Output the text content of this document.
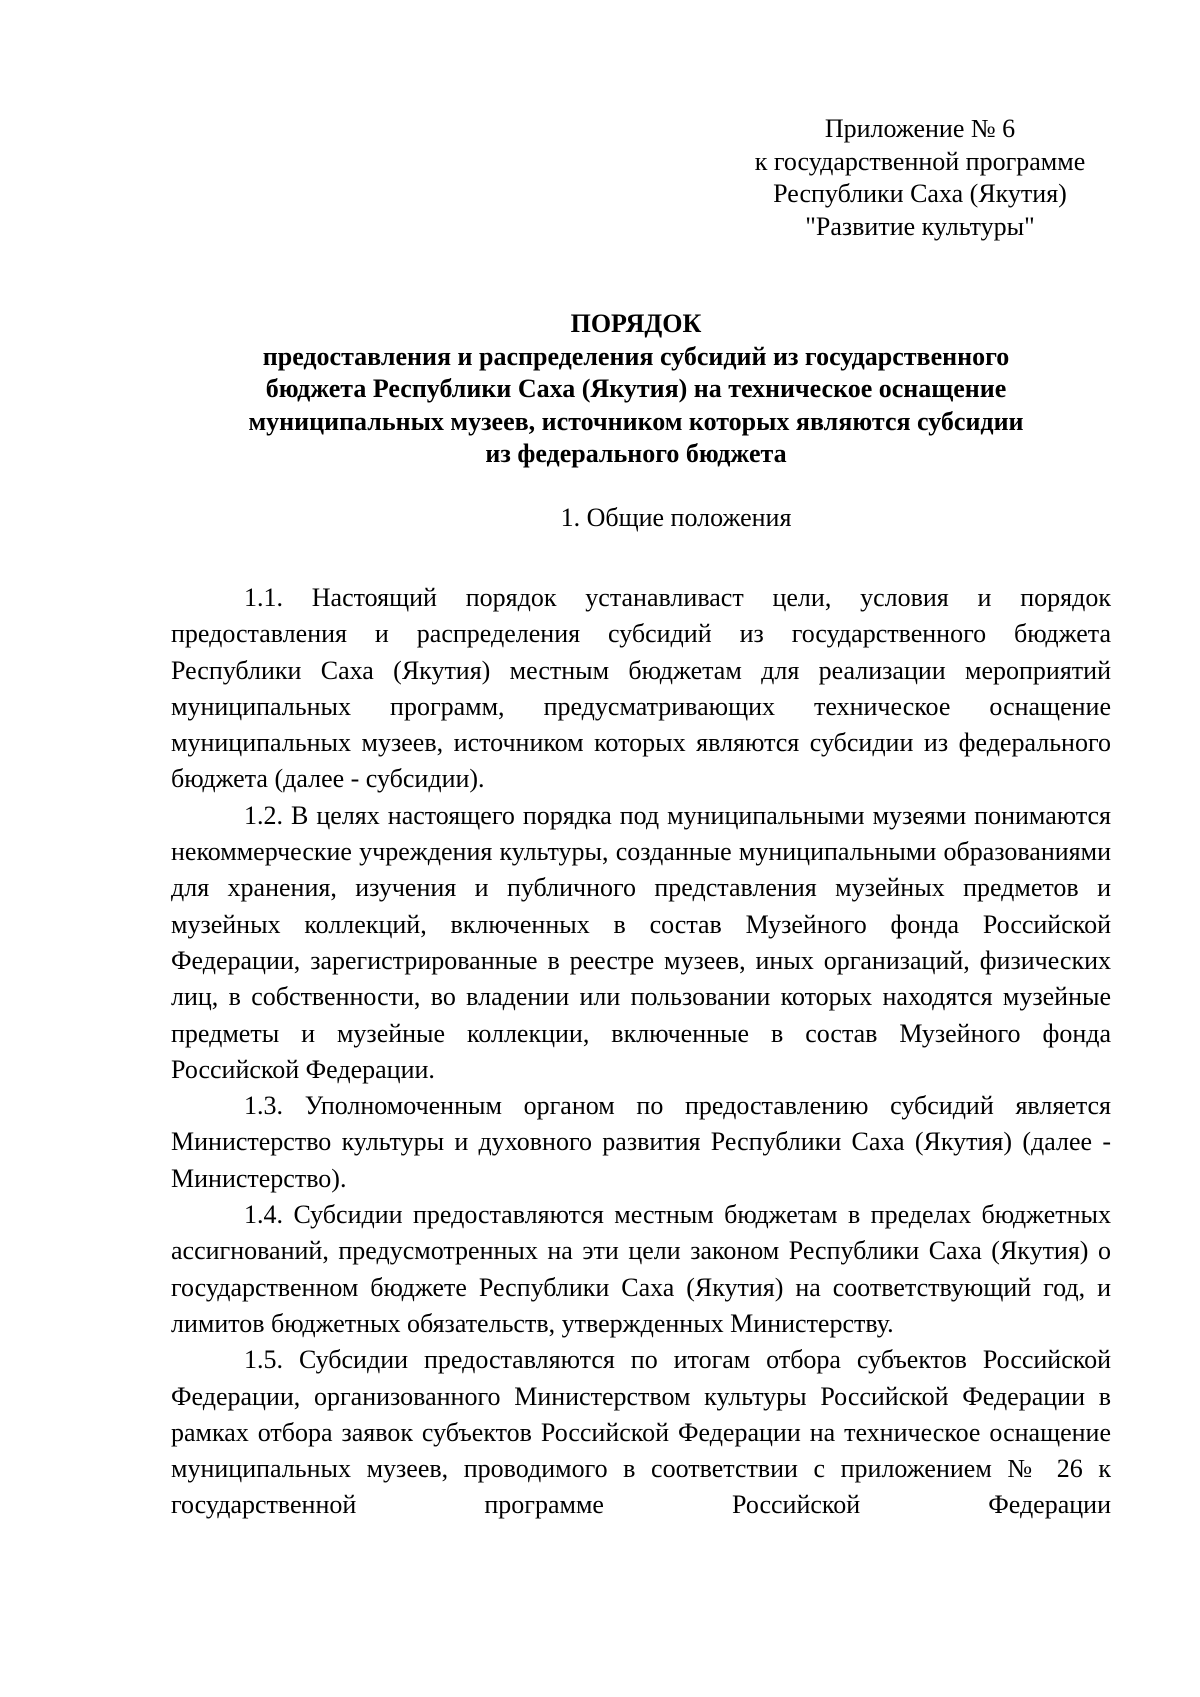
Приложение № 6
к государственной программе
Республики Саха (Якутия)
"Развитие культуры"
ПОРЯДОК
предоставления и распределения субсидий из государственного
бюджета Республики Саха (Якутия) на техническое оснащение
муниципальных музеев, источником которых являются субсидии
из федерального бюджета
1. Общие положения

1.1. Настоящий порядок устанавливаст цели, условия и порядок предоставления и распределения субсидий из государственного бюджета Республики Саха (Якутия) местным бюджетам для реализации мероприятий муниципальных программ, предусматривающих техническое оснащение муниципальных музеев, источником которых являются субсидии из федерального бюджета (далее - субсидии).

1.2. В целях настоящего порядка под муниципальными музеями понимаются некоммерческие учреждения культуры, созданные муниципальными образованиями для хранения, изучения и публичного представления музейных предметов и музейных коллекций, включенных в состав Музейного фонда Российской Федерации, зарегистрированные в реестре музеев, иных организаций, физических лиц, в собственности, во владении или пользовании которых находятся музейные предметы и музейные коллекции, включенные в состав Музейного фонда Российской Федерации.

1.3. Уполномоченным органом по предоставлению субсидий является Министерство культуры и духовного развития Республики Саха (Якутия) (далее - Министерство).

1.4. Субсидии предоставляются местным бюджетам в пределах бюджетных ассигнований, предусмотренных на эти цели законом Республики Саха (Якутия) о государственном бюджете Республики Саха (Якутия) на соответствующий год, и лимитов бюджетных обязательств, утвержденных Министерству.

1.5. Субсидии предоставляются по итогам отбора субъектов Российской Федерации, организованного Министерством культуры Российской Федерации в рамках отбора заявок субъектов Российской Федерации на техническое оснащение муниципальных музеев, проводимого в соответствии с приложением № 26 к государственной программе Российской Федерации
